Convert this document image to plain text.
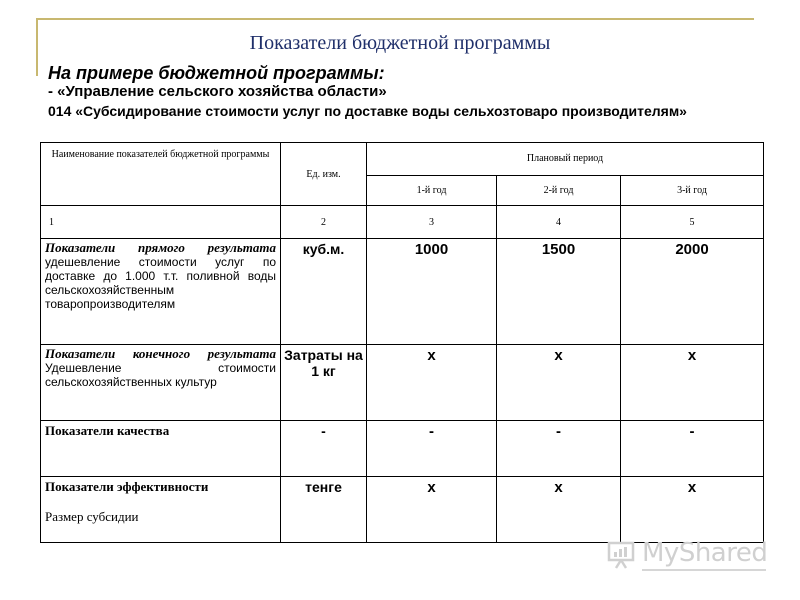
Показатели бюджетной программы
На примере бюджетной программы:
- «Управление сельского хозяйства области»
014 «Субсидирование стоимости услуг по доставке воды сельхозтоваро производителям»
Наименование показателей бюджетной программы	Ед. изм.	Плановый период		
		1-й год	2-й год	3-й год
1	2	3	4	5

Показатели прямого результата
удешевление стоимости услуг по доставке до 1.000 т.т. поливной воды сельскохозяйственным товаропроизводителям	куб.м.	1000	1500	2000

Показатели конечного результата
Удешевление стоимости сельскохозяйственных культур	Затраты на 1 кг	х	х	х

Показатели качества	-	-	-	-

Показатели эффективности
Размер субсидии	тенге	х	х	х
MyShared
